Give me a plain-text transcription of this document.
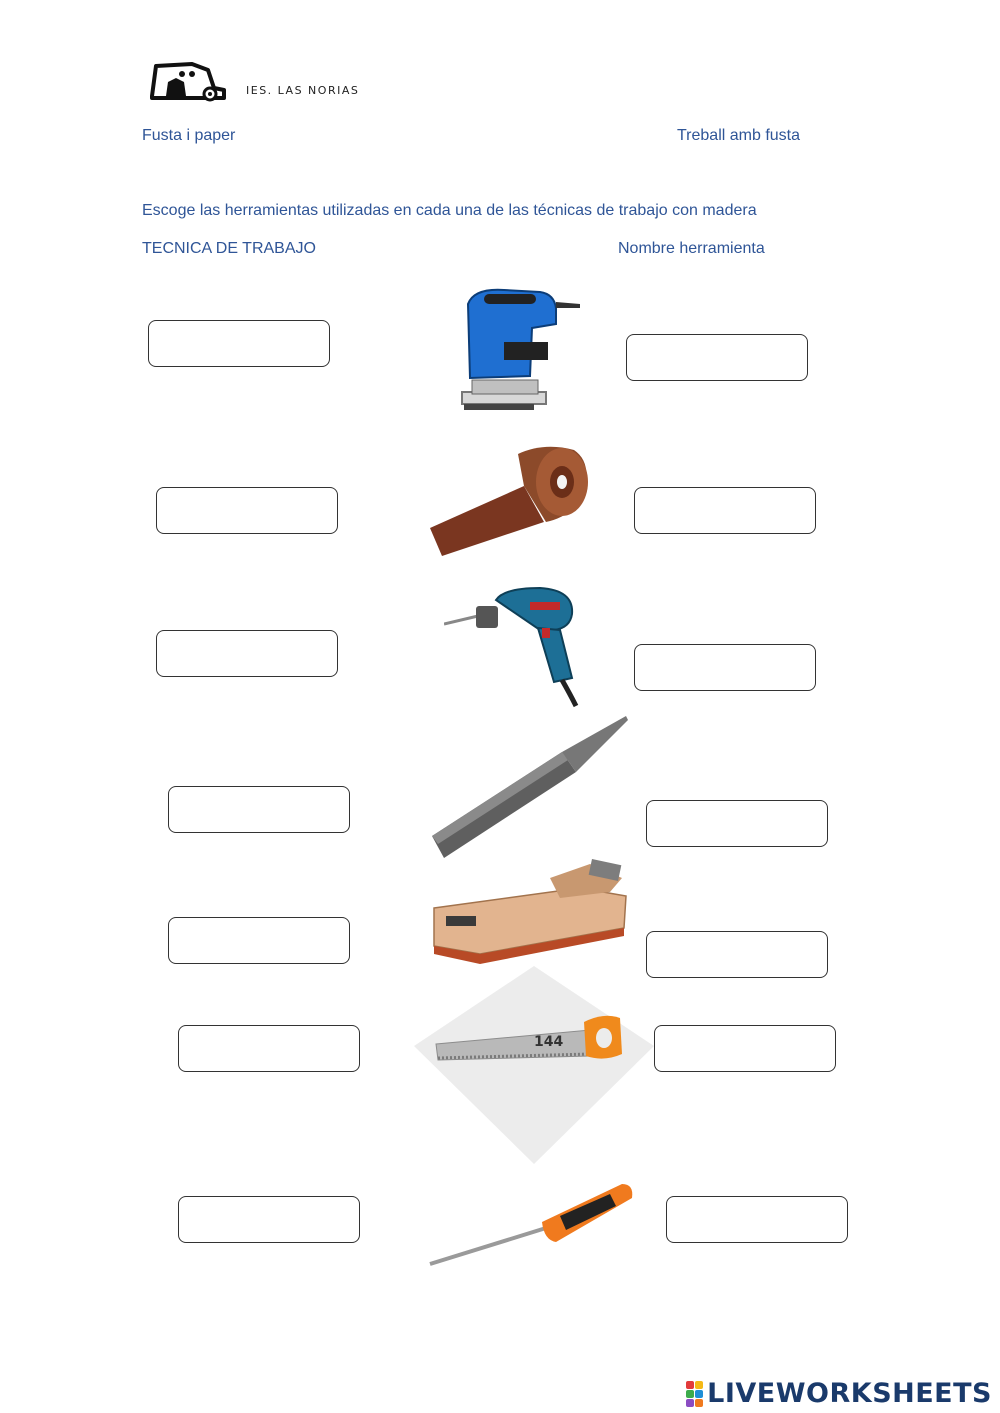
IES. LAS NORIAS
Fusta i paper	Treball amb fusta
Escoge las herramientas utilizadas en cada una de las técnicas de trabajo con madera
TECNICA DE TRABAJO	Nombre herramienta
144
LIVEWORKSHEETS
